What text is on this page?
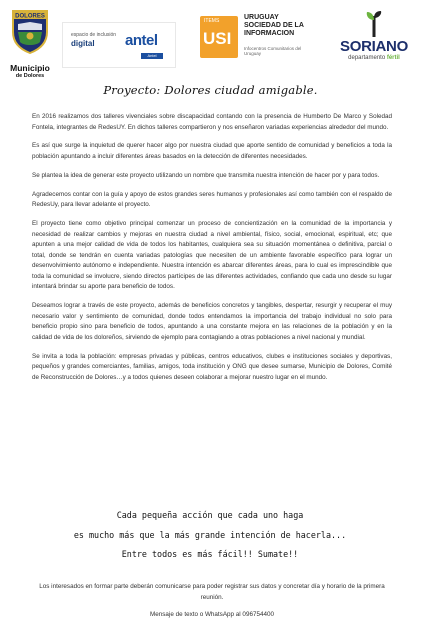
DOLORES
Municipio
de Dolores
espacio de inclusión
digital antel
Antel
ITEMS
USI
URUGUAY SOCIEDAD DE LA INFORMACION
Infocentros Comunitarios del Uruguay	SORIANO
departamento fértil
Proyecto: Dolores ciudad amigable.

En 2016 realizamos dos talleres vivenciales sobre discapacidad contando con la presencia de Humberto De Marco y Soledad Fontela, integrantes de RedesUY. En dichos talleres compartieron y nos enseñaron variadas experiencias alrededor del mundo.

Es así que surge la inquietud de querer hacer algo por nuestra ciudad que aporte sentido de comunidad y beneficios a toda la población apuntando a incluir diferentes áreas basados en la detección de diferentes necesidades.

Se plantea la idea de generar este proyecto utilizando un nombre que transmita nuestra intención de hacer por y para todos.

Agradecemos contar con la guía y apoyo de estos grandes seres humanos y profesionales así como también con el respaldo de RedesUy, para llevar adelante el proyecto.

El proyecto tiene como objetivo principal comenzar un proceso de concientización en la comunidad de la importancia y necesidad de realizar cambios y mejoras en nuestra ciudad a nivel ambiental, físico, social, emocional, espiritual, etc; que apunten a una mejor calidad de vida de todos los habitantes, cualquiera sea su situación momentánea o definitiva, parcial o total, donde se tendrán en cuenta variadas patologías que necesiten de un ambiente favorable específico para lograr un desenvolvimiento autónomo e independiente. Nuestra intención es abarcar diferentes áreas, para lo cual es imprescindible que toda la comunidad se involucre, siendo directos partícipes de las diferentes actividades, confiando que cada uno desde su lugar intentará brindar su aporte para beneficio de todos.

Deseamos lograr a través de este proyecto, además de beneficios concretos y tangibles, despertar, resurgir y recuperar el muy necesario valor y sentimiento de comunidad, donde todos entendamos la importancia del trabajo individual no solo para beneficio propio sino para beneficio de todos, apuntando a una constante mejora en las relaciones de la población y en la calidad de vida de los doloreños, sirviendo de ejemplo para contagiando a otras poblaciones a nivel nacional y mundial.

Se invita a toda la población: empresas privadas y públicas, centros educativos, clubes e instituciones sociales y deportivas, pequeños y grandes comerciantes, familias, amigos, toda institución y ONG que desee sumarse, Municipio de Dolores, Comité de Reconstrucción de Dolores…y a todos quienes deseen colaborar a mejorar nuestro lugar en el mundo.

Cada pequeña acción que cada uno haga
es mucho más que la más grande intención de hacerla...
Entre todos es más fácil!! Sumate!!

Los interesados en formar parte deberán comunicarse para poder registrar sus datos y concretar día y horario de la primera reunión.

Mensaje de texto o WhatsApp al 096754400
